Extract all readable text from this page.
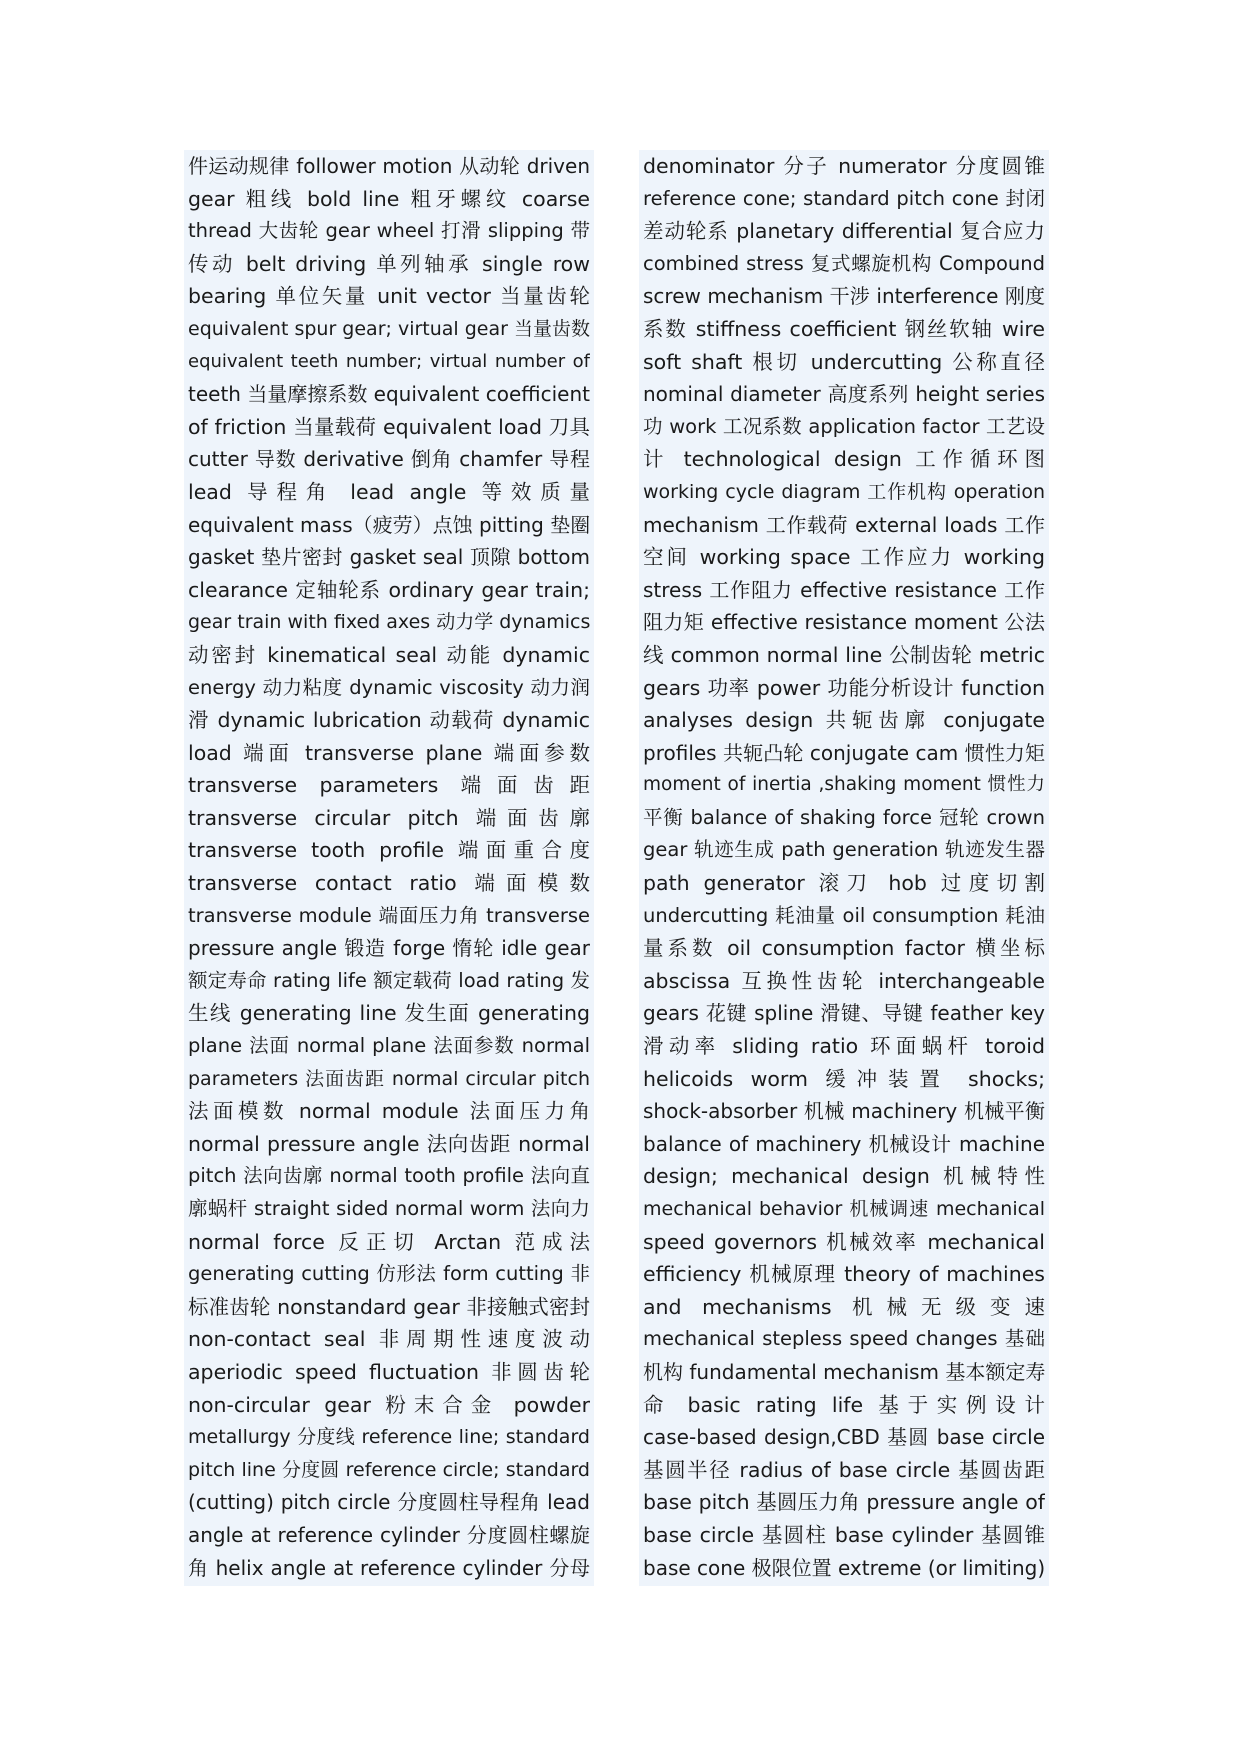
件运动规律 follower motion 从动轮 driven
gear 粗线 bold line 粗牙螺纹 coarse
thread 大齿轮 gear wheel 打滑 slipping 带
传动 belt driving 单列轴承 single row
bearing 单位矢量 unit vector 当量齿轮
equivalent spur gear; virtual gear 当量齿数
equivalent teeth number; virtual number of
teeth 当量摩擦系数 equivalent coefficient
of friction 当量载荷 equivalent load 刀具
cutter 导数 derivative 倒角 chamfer 导程
lead 导程角 lead angle 等效质量
equivalent mass（疲劳）点蚀 pitting 垫圈
gasket 垫片密封 gasket seal 顶隙 bottom
clearance 定轴轮系 ordinary gear train;
gear train with fixed axes 动力学 dynamics
动密封 kinematical seal 动能 dynamic
energy 动力粘度 dynamic viscosity 动力润
滑 dynamic lubrication 动载荷 dynamic
load 端面 transverse plane 端面参数
transverse parameters 端面齿距
transverse circular pitch 端面齿廓
transverse tooth profile 端面重合度
transverse contact ratio 端面模数
transverse module 端面压力角 transverse
pressure angle 锻造 forge 惰轮 idle gear
额定寿命 rating life 额定载荷 load rating 发
生线 generating line 发生面 generating
plane 法面 normal plane 法面参数 normal
parameters 法面齿距 normal circular pitch
法面模数 normal module 法面压力角
normal pressure angle 法向齿距 normal
pitch 法向齿廓 normal tooth profile 法向直
廓蜗杆 straight sided normal worm 法向力
normal force 反正切 Arctan 范成法
generating cutting 仿形法 form cutting 非
标准齿轮 nonstandard gear 非接触式密封
non-contact seal 非周期性速度波动
aperiodic speed fluctuation 非圆齿轮
non-circular gear 粉末合金 powder
metallurgy 分度线 reference line; standard
pitch line 分度圆 reference circle; standard
(cutting) pitch circle 分度圆柱导程角 lead
angle at reference cylinder 分度圆柱螺旋
角 helix angle at reference cylinder 分母
denominator 分子 numerator 分度圆锥
reference cone; standard pitch cone 封闭
差动轮系 planetary differential 复合应力
combined stress 复式螺旋机构 Compound
screw mechanism 干涉 interference 刚度
系数 stiffness coefficient 钢丝软轴 wire
soft shaft 根切 undercutting 公称直径
nominal diameter 高度系列 height series
功 work 工况系数 application factor 工艺设
计 technological design 工作循环图
working cycle diagram 工作机构 operation
mechanism 工作载荷 external loads 工作
空间 working space 工作应力 working
stress 工作阻力 effective resistance 工作
阻力矩 effective resistance moment 公法
线 common normal line 公制齿轮 metric
gears 功率 power 功能分析设计 function
analyses design 共轭齿廓 conjugate
profiles 共轭凸轮 conjugate cam 惯性力矩
moment of inertia ,shaking moment 惯性力
平衡 balance of shaking force 冠轮 crown
gear 轨迹生成 path generation 轨迹发生器
path generator 滚刀 hob 过度切割
undercutting 耗油量 oil consumption 耗油
量系数 oil consumption factor 横坐标
abscissa 互换性齿轮 interchangeable
gears 花键 spline 滑键、导键 feather key
滑动率 sliding ratio 环面蜗杆 toroid
helicoids worm 缓冲装置 shocks;
shock-absorber 机械 machinery 机械平衡
balance of machinery 机械设计 machine
design; mechanical design 机械特性
mechanical behavior 机械调速 mechanical
speed governors 机械效率 mechanical
efficiency 机械原理 theory of machines
and mechanisms 机械无级变速
mechanical stepless speed changes 基础
机构 fundamental mechanism 基本额定寿
命 basic rating life 基于实例设计
case-based design,CBD 基圆 base circle
基圆半径 radius of base circle 基圆齿距
base pitch 基圆压力角 pressure angle of
base circle 基圆柱 base cylinder 基圆锥
base cone 极限位置 extreme (or limiting)
